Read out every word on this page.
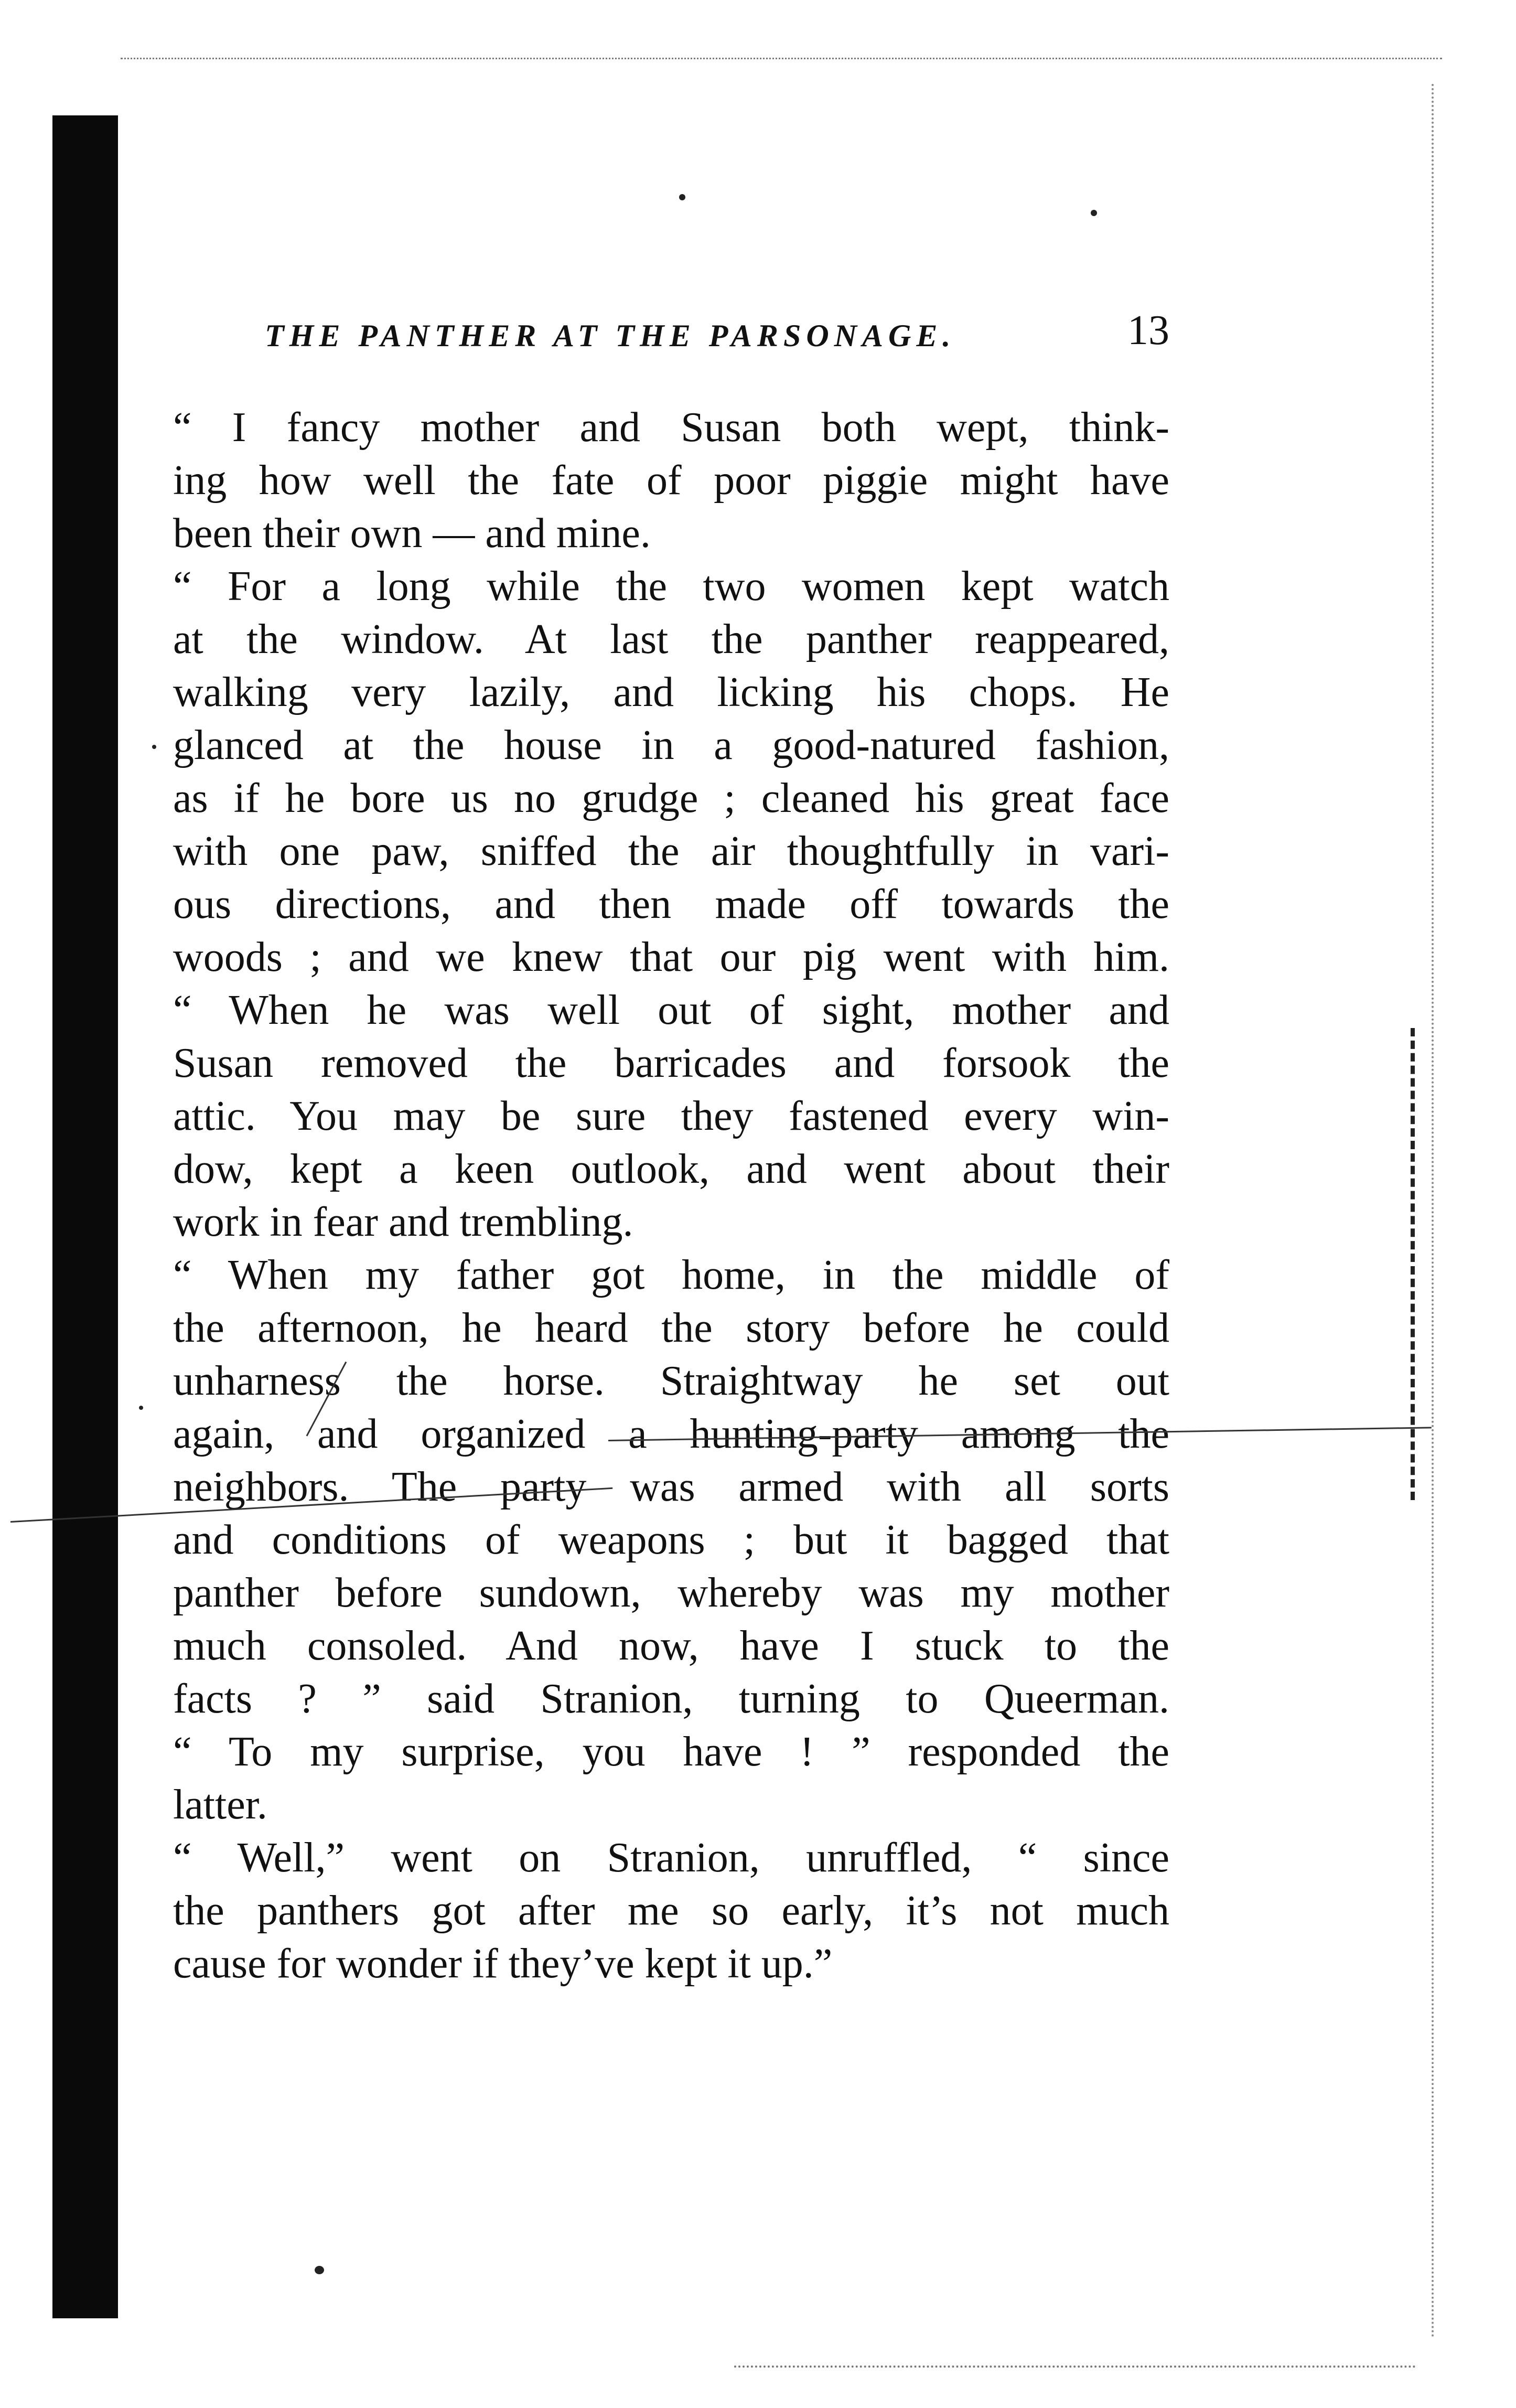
THE PANTHER AT THE PARSONAGE.	13
“ I fancy mother and Susan both wept, think-
ing how well the fate of poor piggie might have
been their own — and mine.
“ For a long while the two women kept watch
at the window. At last the panther reappeared,
walking very lazily, and licking his chops. He
glanced at the house in a good-natured fashion,
as if he bore us no grudge ; cleaned his great face
with one paw, sniffed the air thoughtfully in vari-
ous directions, and then made off towards the
woods ; and we knew that our pig went with him.
“ When he was well out of sight, mother and
Susan removed the barricades and forsook the
attic. You may be sure they fastened every win-
dow, kept a keen outlook, and went about their
work in fear and trembling.
“ When my father got home, in the middle of
the afternoon, he heard the story before he could
unharness the horse. Straightway he set out
again, and organized a hunting-party among the
neighbors. The party was armed with all sorts
and conditions of weapons ; but it bagged that
panther before sundown, whereby was my mother
much consoled. And now, have I stuck to the
facts ? ” said Stranion, turning to Queerman.
“ To my surprise, you have ! ” responded the
latter.
“ Well,” went on Stranion, unruffled, “ since
the panthers got after me so early, it’s not much
cause for wonder if they’ve kept it up.”
